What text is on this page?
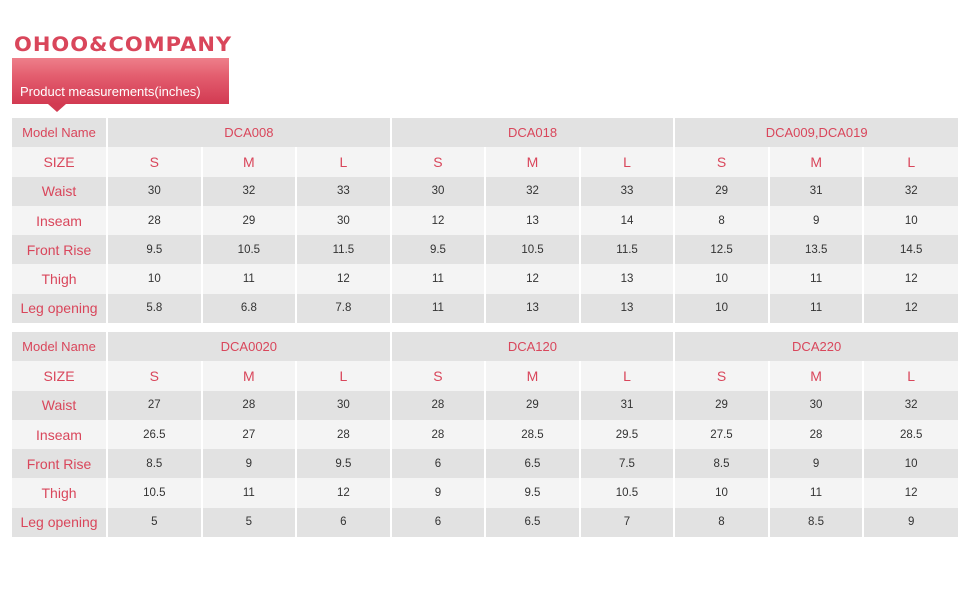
OHOO&COMPANY
Product measurements(inches)
Model Name	DCA008			DCA018			DCA009,DCA019		
SIZE	S	M	L	S	M	L	S	M	L
Waist	30	32	33	30	32	33	29	31	32
Inseam	28	29	30	12	13	14	8	9	10
Front Rise	9.5	10.5	11.5	9.5	10.5	11.5	12.5	13.5	14.5
Thigh	10	11	12	11	12	13	10	11	12
Leg opening	5.8	6.8	7.8	11	13	13	10	11	12
Model Name	DCA0020			DCA120			DCA220		
SIZE	S	M	L	S	M	L	S	M	L
Waist	27	28	30	28	29	31	29	30	32
Inseam	26.5	27	28	28	28.5	29.5	27.5	28	28.5
Front Rise	8.5	9	9.5	6	6.5	7.5	8.5	9	10
Thigh	10.5	11	12	9	9.5	10.5	10	11	12
Leg opening	5	5	6	6	6.5	7	8	8.5	9
